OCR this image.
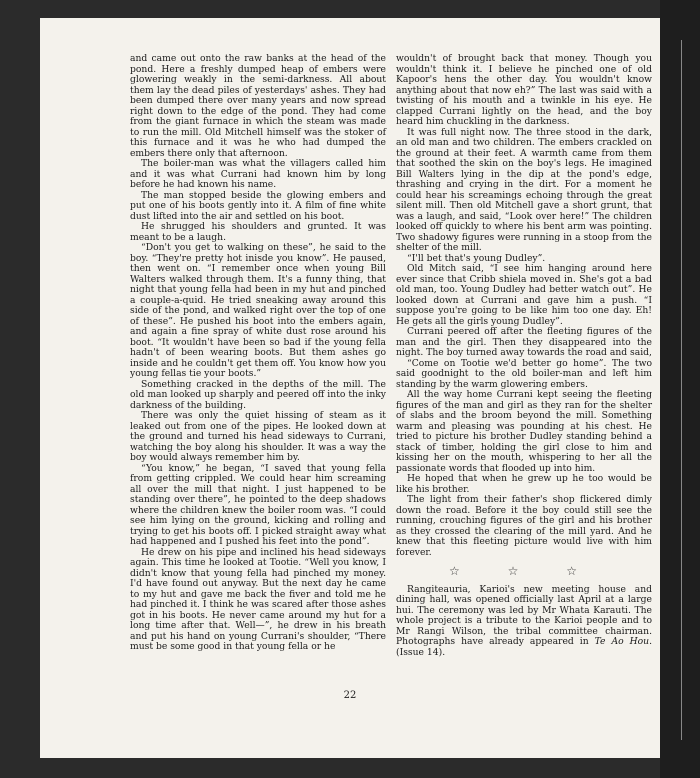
and came out onto the raw banks at the head of the pond. Here a freshly dumped heap of embers were glowering weakly in the semi-darkness. All about them lay the dead piles of yesterdays' ashes. They had been dumped there over many years and now spread right down to the edge of the pond. They had come from the giant furnace in which the steam was made to run the mill. Old Mitchell himself was the stoker of this furnace and it was he who had dumped the embers there only that afternoon.

The boiler-man was what the villagers called him and it was what Currani had known him by long before he had known his name.

The man stopped beside the glowing embers and put one of his boots gently into it. A film of fine white dust lifted into the air and settled on his boot.

He shrugged his shoulders and grunted. It was meant to be a laugh.

“Don't you get to walking on these”, he said to the boy. “They're pretty hot inisde you know”. He paused, then went on. “I remember once when young Bill Walters walked through them. It's a funny thing, that night that young fella had been in my hut and pinched a couple-a-quid. He tried sneaking away around this side of the pond, and walked right over the top of one of these”. He pushed his boot into the embers again, and again a fine spray of white dust rose around his boot. “It wouldn't have been so bad if the young fella hadn't of been wearing boots. But them ashes go inside and he couldn't get them off. You know how you young fellas tie your boots.”

Something cracked in the depths of the mill. The old man looked up sharply and peered off into the inky darkness of the building.

There was only the quiet hissing of steam as it leaked out from one of the pipes. He looked down at the ground and turned his head sideways to Currani, watching the boy along his shoulder. It was a way the boy would always remember him by.

“You know,” he began, “I saved that young fella from getting crippled. We could hear him screaming all over the mill that night. I just happened to be standing over there”, he pointed to the deep shadows where the children knew the boiler room was. “I could see him lying on the ground, kicking and rolling and trying to get his boots off. I picked straight away what had happened and I pushed his feet into the pond”.

He drew on his pipe and inclined his head sideways again. This time he looked at Tootie. “Well you know, I didn't know that young fella had pinched my money. I'd have found out anyway. But the next day he came to my hut and gave me back the fiver and told me he had pinched it. I think he was scared after those ashes got in his boots. He never came around my hut for a long time after that. Well—”, he drew in his breath and put his hand on young Currani's shoulder, “There must be some good in that young fella or he

wouldn't of brought back that money. Though you wouldn't think it. I believe he pinched one of old Kapoor's hens the other day. You wouldn't know anything about that now eh?” The last was said with a twisting of his mouth and a twinkle in his eye. He clapped Currani lightly on the head, and the boy heard him chuckling in the darkness.

It was full night now. The three stood in the dark, an old man and two children. The embers crackled on the ground at their feet. A warmth came from them that soothed the skin on the boy's legs. He imagined Bill Walters lying in the dip at the pond's edge, thrashing and crying in the dirt. For a moment he could hear his screamings echoing through the great silent mill. Then old Mitchell gave a short grunt, that was a laugh, and said, “Look over here!” The children looked off quickly to where his bent arm was pointing. Two shadowy figures were running in a stoop from the shelter of the mill.

“I'll bet that's young Dudley”.

Old Mitch said, “I see him hanging around here ever since that Cribb shiela moved in. She's got a bad old man, too. Young Dudley had better watch out”. He looked down at Currani and gave him a push. “I suppose you're going to be like him too one day. Eh! He gets all the girls young Dudley”.

Currani peered off after the fleeting figures of the man and the girl. Then they disappeared into the night. The boy turned away towards the road and said,

“Come on Tootie we'd better go home”. The two said goodnight to the old boiler-man and left him standing by the warm glowering embers.

All the way home Currani kept seeing the fleeting figures of the man and girl as they ran for the shelter of slabs and the broom beyond the mill. Something warm and pleasing was pounding at his chest. He tried to picture his brother Dudley standing behind a stack of timber, holding the girl close to him and kissing her on the mouth, whispering to her all the passionate words that flooded up into him.

He hoped that when he grew up he too would be like his brother.

The light from their father's shop flickered dimly down the road. Before it the boy could still see the running, crouching figures of the girl and his brother as they crossed the clearing of the mill yard. And he knew that this fleeting picture would live with him forever.

☆ ☆ ☆

Rangiteauria, Karioi's new meeting house and dining hall, was opened officially last April at a large hui. The ceremony was led by Mr Whata Karauti. The whole project is a tribute to the Karioi people and to Mr Rangi Wilson, the tribal committee chairman. Photographs have already appeared in Te Ao Hou. (Issue 14).

22
